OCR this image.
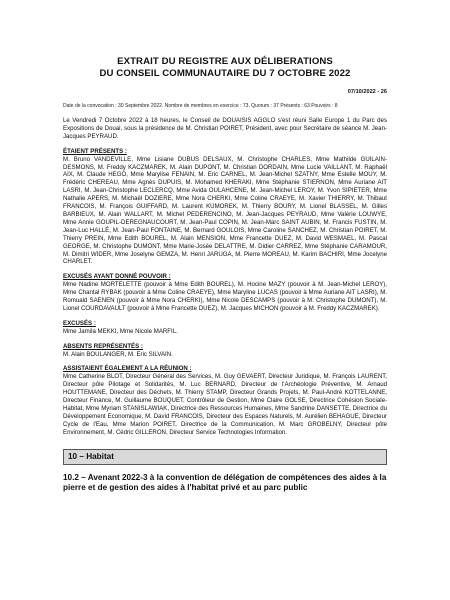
EXTRAIT DU REGISTRE AUX DÉLIBERATIONS
DU CONSEIL COMMUNAUTAIRE DU 7 OCTOBRE 2022
07/10/2022 - 26
Date de la convocation : 30 Septembre 2022. Nombre de membres en exercice : 73. Quorum : 37 Présents : 63 Pouvoirs : 8
Le Vendredi 7 Octobre 2022 à 18 heures, le Conseil de DOUAISIS AGGLO s'est réuni Salle Europe 1 du Parc des Expositions de Douai, sous la présidence de M. Christian POIRET, Président, avec pour Secrétaire de séance M. Jean-Jacques PEYRAUD.
ÉTAIENT PRÉSENTS :
M. Bruno VANDEVILLE, Mme Lisiane DUBUS DELSAUX, M. Christophe CHARLES, Mme Mathilde GUILAIN-DESMONS, M. Freddy KACZMAREK, M. Alain DUPONT, M. Christian DORDAIN, Mme Lucie VAILLANT, M. Raphaël AIX, M. Claude HEGO, Mme Marylise FENAIN, M. Eric CARNEL, M. Jean-Michel SZATNY, Mme Estelle MOUY, M. Frédéric CHEREAU, Mme Agnès DUPUIS, M. Mohamed KHERAKI, Mme Stéphanie STIERNON, Mme Auriane AIT LASRI, M. Jean-Christophe LECLERCQ, Mme Avida OULAHCENE, M. Jean-Michel LEROY, M. Yvon SIPIETER, Mme Nathalie APERS, M. Michaël DOZIERE, Mme Nora CHERKI, Mme Coline CRAEYE, M. Xavier THIERRY, M. Thibaut FRANCOIS, M. François GUIFFARD, M. Laurent KUMOREK, M. Thierry BOURY, M. Lionel BLASSEL, M. Gilles BARBIEUX, M. Alain WALLART, M. Michel PEDERENCINO, M. Jean-Jacques PEYRAUD, Mme Valérie LOUWYE, Mme Annie GOUPIL-DEREGNAUCOURT, M. Jean-Paul COPIN, M. Jean-Marc SAINT AUBIN, M. Francis FUSTIN, M. Jean-Luc HALLÉ, M. Jean-Paul FONTAINE, M. Bernard GOULOIS, Mme Caroline SANCHEZ, M. Christian POIRET, M. Thierry PREIN, Mme Edith BOUREL, M. Alain MENSION, Mme Francette DUEZ, M. David WESMAEL, M. Pascal GEORGE, M. Christophe DUMONT, Mme Marie-Josée DELATTRE, M. Didier CARREZ, Mme Stéphanie CARAMOUR, M. Dimitri WIDER, Mme Joselyne GEMZA, M. Henri JARUGA, M. Pierre MOREAU, M. Karim BACHIRI, Mme Jocelyne CHARLET.
EXCUSÉS AYANT DONNÉ POUVOIR :
Mme Nadine MORTELETTE (pouvoir à Mme Edith BOUREL), M. Hocine MAZY (pouvoir à M. Jean-Michel LEROY), Mme Chantal RYBAK (pouvoir à Mme Coline CRAEYE), Mme Maryline LUCAS (pouvoir à Mme Auriane AIT LASRI), M. Romuald SAENEN (pouvoir à Mme Nora CHERKI), Mme Nicole DESCAMPS (pouvoir à M. Christophe DUMONT), M. Lionel COURDAVAULT (pouvoir à Mme Francette DUEZ), M. Jacques MICHON (pouvoir à M. Freddy KACZMAREK).
EXCUSÉS :
Mme Jamila MEKKI, Mme Nicole MARFIL.
ABSENTS REPRÉSENTÉS :
M. Alain BOULANGER, M. Eric SILVAIN.
ASSISTAIENT ÉGALEMENT A LA RÉUNION :
Mme Catherine BLOT, Directeur Général des Services, M. Guy GEVAERT, Directeur Juridique, M. François LAURENT, Directeur pôle Pilotage et Solidarités, M. Luc BERNARD, Directeur de l'Archéologie Préventive, M. Arnaud HOUTTEMANE, Directeur des Déchets, M. Thierry STAMP, Directeur Grands Projets, M. Paul-André KOTTELANNE, Directeur Finance, M. Guillaume BOUQUET, Contrôleur de Gestion, Mme Claire GOLSE, Directrice Cohésion Sociale-Habitat, Mme Myriam STANISLAWIAK, Directrice des Ressources Humaines, Mme Sandrine DANSETTE, Directrice du Développement Economique, M. David FRANCOIS, Directeur des Espaces Naturels, M. Aurélien BEHAGUE, Directeur Cycle de l'Eau, Mme Marion POIRET, Directrice de la Communication, M. Marc GROBELNY, Directeur pôle Environnement, M. Cédric GILLERON, Directeur Service Technologies Information.
10 – Habitat
10.2 – Avenant 2022-3 à la convention de délégation de compétences des aides à la pierre et de gestion des aides à l'habitat privé et au parc public
